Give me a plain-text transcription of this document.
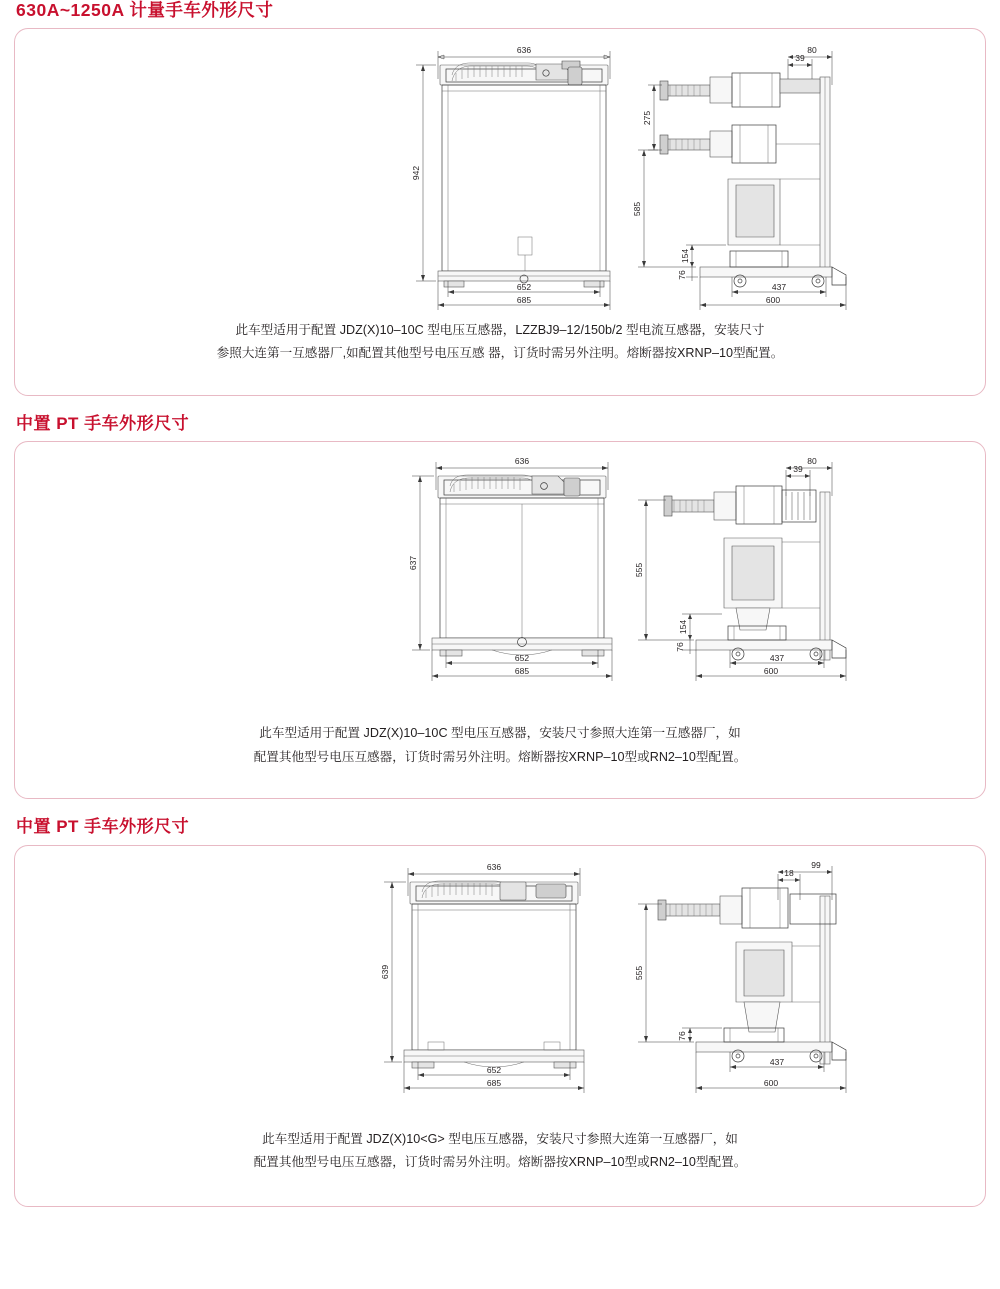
630A~1250A 计量手车外形尺寸
636
942
652
685
39
80
275
585
154
76
437
600
此车型适用于配置 JDZ(X)10–10C 型电压互感器，LZZBJ9–12/150b/2 型电流互感器，安装尺寸
参照大连第一互感器厂,如配置其他型号电压互感 器，订货时需另外注明。熔断器按XRNP–10型配置。
中置 PT 手车外形尺寸
636
637
652
685
39
80
555
154
76
437
600
此车型适用于配置 JDZ(X)10–10C 型电压互感器，安装尺寸参照大连第一互感器厂，如
配置其他型号电压互感器，订货时需另外注明。熔断器按XRNP–10型或RN2–10型配置。
中置 PT 手车外形尺寸
636
639
652
685
18
99
555
76
437
600
此车型适用于配置 JDZ(X)10<G> 型电压互感器，安装尺寸参照大连第一互感器厂，如
配置其他型号电压互感器，订货时需另外注明。熔断器按XRNP–10型或RN2–10型配置。
